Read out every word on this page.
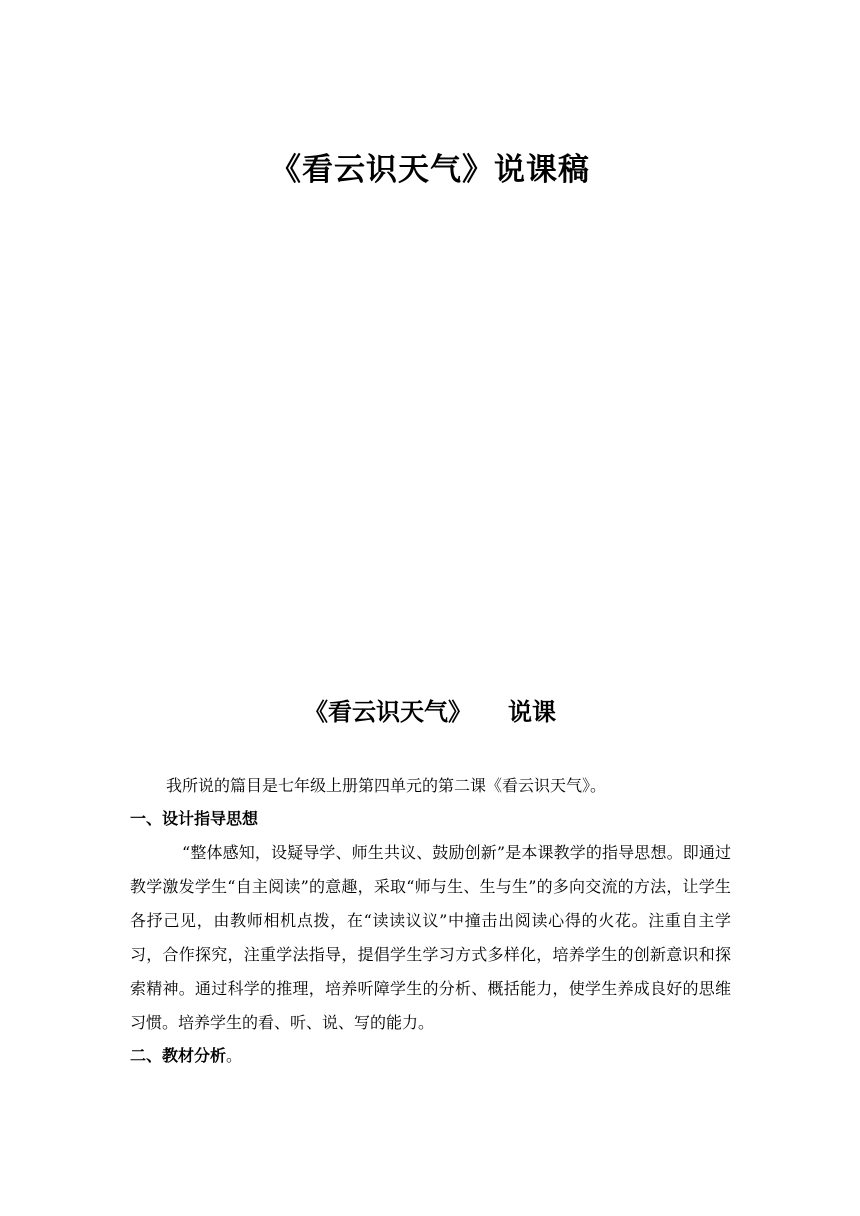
《看云识天气》说课稿
《看云识天气》 说课
我所说的篇目是七年级上册第四单元的第二课《看云识天气》。
一、设计指导思想
“整体感知，设疑导学、师生共议、鼓励创新”是本课教学的指导思想。即通过教学激发学生“自主阅读”的意趣，采取“师与生、生与生”的多向交流的方法，让学生各抒己见，由教师相机点拨，在“读读议议”中撞击出阅读心得的火花。注重自主学习，合作探究，注重学法指导，提倡学生学习方式多样化，培养学生的创新意识和探索精神。通过科学的推理，培养听障学生的分析、概括能力，使学生养成良好的思维习惯。培养学生的看、听、说、写的能力。
二、教材分析。
